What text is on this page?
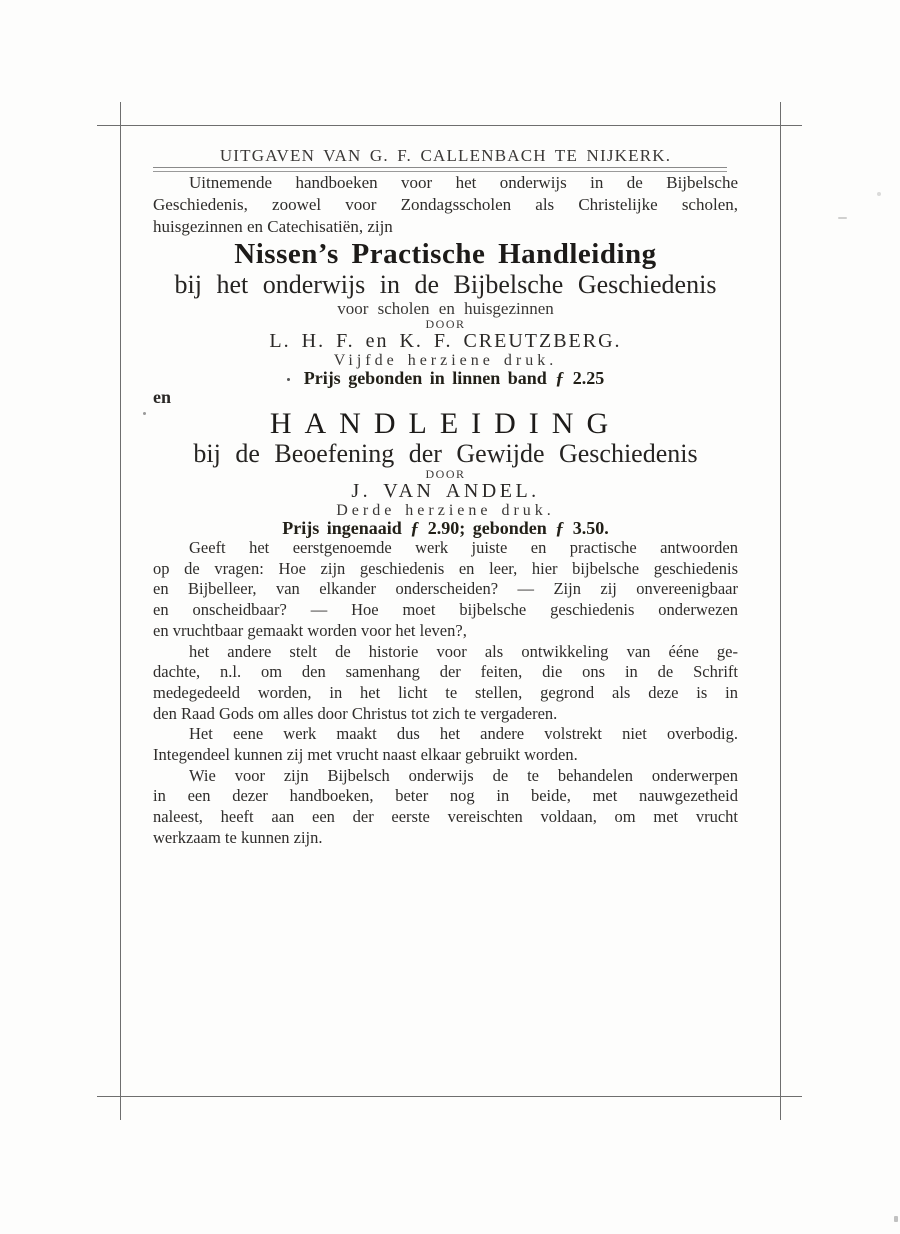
UITGAVEN VAN G. F. CALLENBACH TE NIJKERK.

Uitnemende handboeken voor het onderwijs in de Bijbelsche
Geschiedenis, zoowel voor Zondagsscholen als Christelijke scholen,
huisgezinnen en Catechisatiën, zijn

Nissen’s Practische Handleiding
bij het onderwijs in de Bijbelsche Geschiedenis
voor scholen en huisgezinnen
DOOR
L. H. F. en K. F. CREUTZBERG.
Vijfde herziene druk.
Prijs gebonden in linnen band ƒ 2.25
en
HANDLEIDING
bij de Beoefening der Gewijde Geschiedenis
DOOR
J. VAN ANDEL.
Derde herziene druk.
Prijs ingenaaid ƒ 2.90; gebonden ƒ 3.50.

Geeft het eerstgenoemde werk juiste en practische antwoorden
op de vragen: Hoe zijn geschiedenis en leer, hier bijbelsche geschiedenis
en Bijbelleer, van elkander onderscheiden? — Zijn zij onvereenigbaar
en onscheidbaar? — Hoe moet bijbelsche geschiedenis onderwezen
en vruchtbaar gemaakt worden voor het leven?,

het andere stelt de historie voor als ontwikkeling van ééne ge-
dachte, n.l. om den samenhang der feiten, die ons in de Schrift
medegedeeld worden, in het licht te stellen, gegrond als deze is in
den Raad Gods om alles door Christus tot zich te vergaderen.

Het eene werk maakt dus het andere volstrekt niet overbodig.
Integendeel kunnen zij met vrucht naast elkaar gebruikt worden.

Wie voor zijn Bijbelsch onderwijs de te behandelen onderwerpen
in een dezer handboeken, beter nog in beide, met nauwgezetheid
naleest, heeft aan een der eerste vereischten voldaan, om met vrucht
werkzaam te kunnen zijn.
